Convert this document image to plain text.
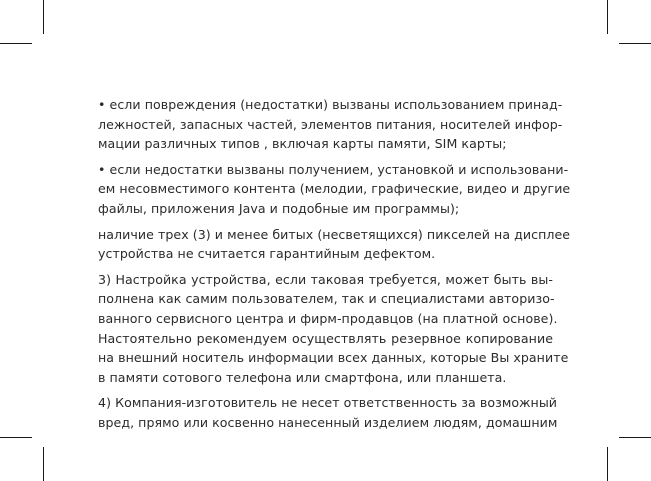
• если повреждения (недостатки) вызваны использованием принад-
лежностей, запасных частей, элементов питания, носителей инфор-
мации различных типов , включая карты памяти, SIM карты;
• если недостатки вызваны получением, установкой и использовани-
ем несовместимого контента (мелодии, графические, видео и другие
файлы, приложения Java и подобные им программы);
наличие трех (3) и менее битых (несветящихся) пикселей на дисплее
устройства не считается гарантийным дефектом.
3) Настройка устройства, если таковая требуется, может быть вы-
полнена как самим пользователем, так и специалистами авторизо-
ванного сервисного центра и фирм-продавцов (на платной основе).
Настоятельно рекомендуем осуществлять резервное копирование
на внешний носитель информации всех данных, которые Вы храните
в памяти сотового телефона или смартфона, или планшета.
4) Компания-изготовитель не несет ответственность за возможный
вред, прямо или косвенно нанесенный изделием людям, домашним
